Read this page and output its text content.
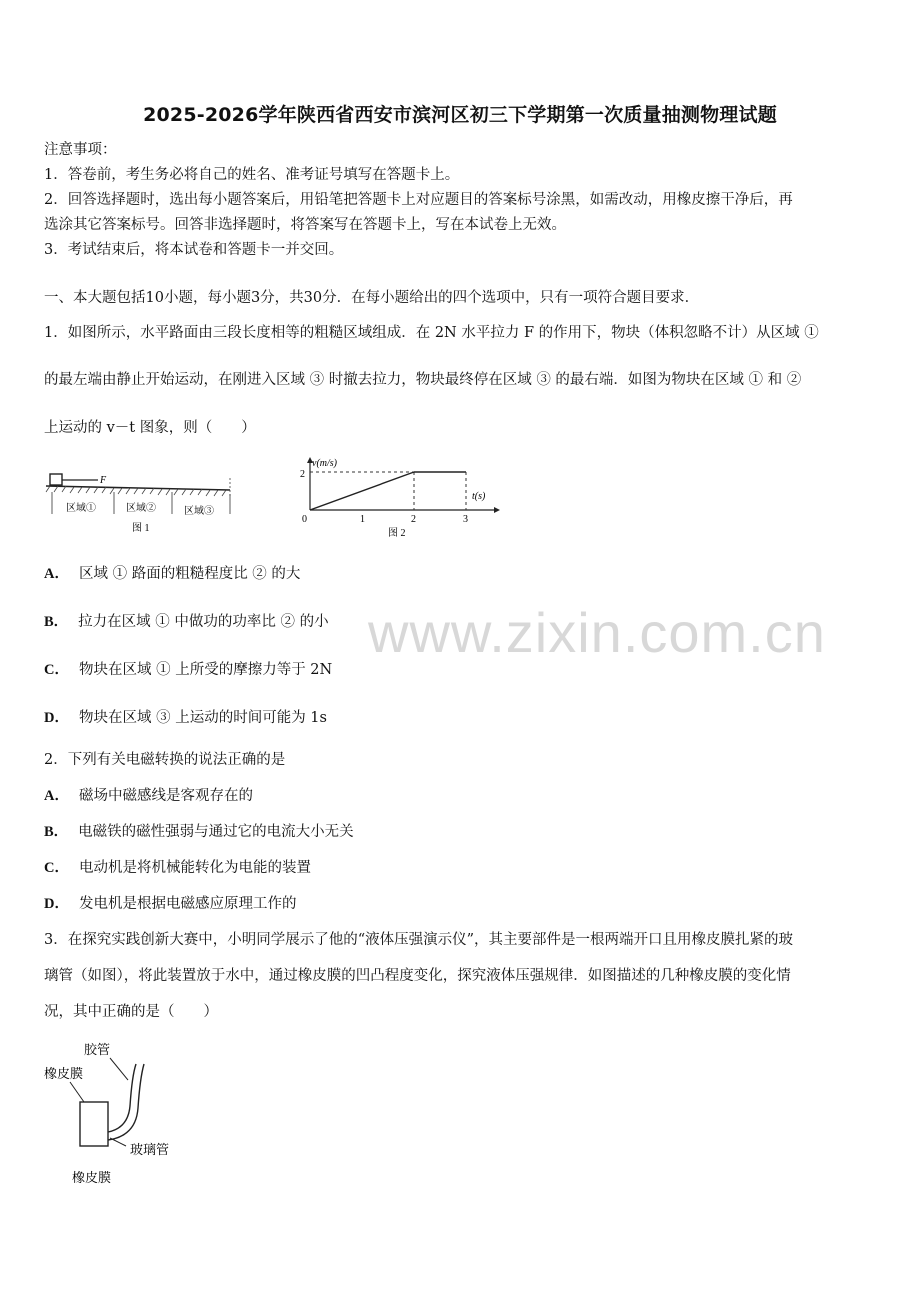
2025-2026学年陕西省西安市滨河区初三下学期第一次质量抽测物理试题
注意事项：
1．答卷前，考生务必将自己的姓名、准考证号填写在答题卡上。
2．回答选择题时，选出每小题答案后，用铅笔把答题卡上对应题目的答案标号涂黑，如需改动，用橡皮擦干净后，再
选涂其它答案标号。回答非选择题时，将答案写在答题卡上，写在本试卷上无效。
3．考试结束后，将本试卷和答题卡一并交回。
一、本大题包括10小题，每小题3分，共30分．在每小题给出的四个选项中，只有一项符合题目要求．
1．如图所示，水平路面由三段长度相等的粗糙区域组成．在 2N 水平拉力 F 的作用下，物块（体积忽略不计）从区域 ①
的最左端由静止开始运动，在刚进入区域 ③ 时撤去拉力，物块最终停在区域 ③ 的最右端．如图为物块在区域 ① 和 ②
上运动的 v－t 图象，则（　　）
F
区域①	区域②	区域③
图 1
v(m/s)
t(s)
2
0	1	2	3
图 2
A． 区域 ① 路面的粗糙程度比 ② 的大
B． 拉力在区域 ① 中做功的功率比 ② 的小
C． 物块在区域 ① 上所受的摩擦力等于 2N
D． 物块在区域 ③ 上运动的时间可能为 1s
www.zixin.com.cn
2．下列有关电磁转换的说法正确的是
A． 磁场中磁感线是客观存在的
B． 电磁铁的磁性强弱与通过它的电流大小无关
C． 电动机是将机械能转化为电能的装置
D． 发电机是根据电磁感应原理工作的
3．在探究实践创新大赛中，小明同学展示了他的“液体压强演示仪”，其主要部件是一根两端开口且用橡皮膜扎紧的玻
璃管（如图），将此装置放于水中，通过橡皮膜的凹凸程度变化，探究液体压强规律．如图描述的几种橡皮膜的变化情
况，其中正确的是（　　）
胶管
橡皮膜
玻璃管
橡皮膜
